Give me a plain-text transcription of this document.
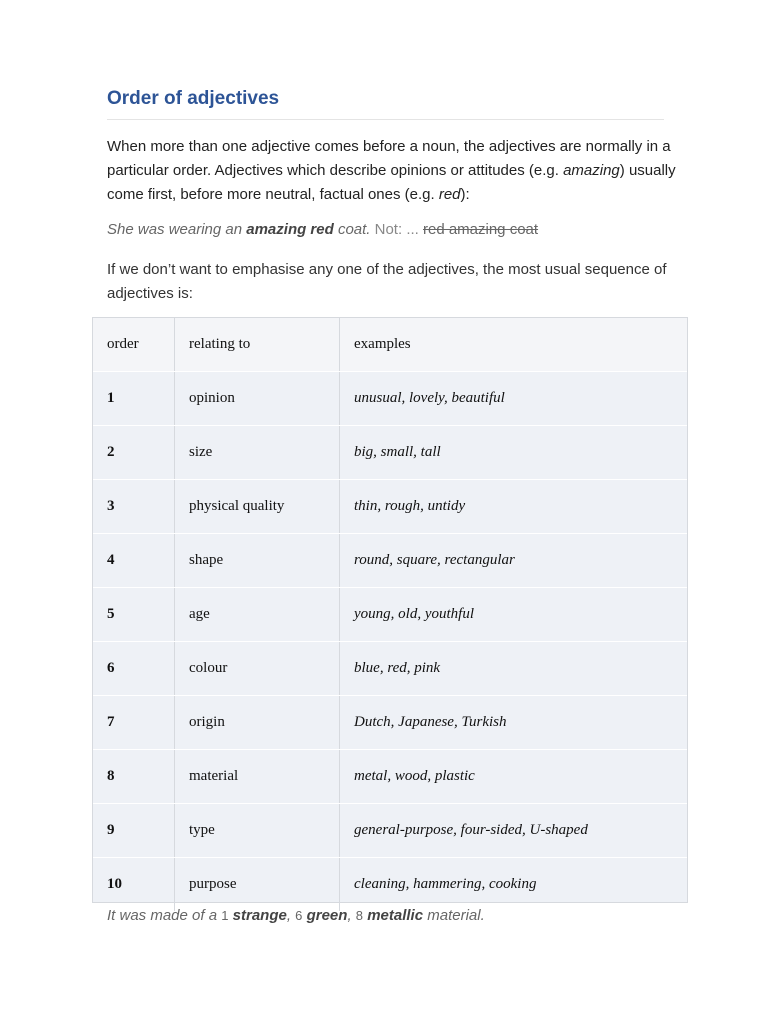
Order of adjectives

When more than one adjective comes before a noun, the adjectives are normally in a particular order. Adjectives which describe opinions or attitudes (e.g. amazing) usually come first, before more neutral, factual ones (e.g. red):

She was wearing an amazing red coat. Not: ... red amazing coat

If we don’t want to emphasise any one of the adjectives, the most usual sequence of adjectives is:

order	relating to	examples
1	opinion	unusual, lovely, beautiful
2	size	big, small, tall
3	physical quality	thin, rough, untidy
4	shape	round, square, rectangular
5	age	young, old, youthful
6	colour	blue, red, pink
7	origin	Dutch, Japanese, Turkish
8	material	metal, wood, plastic
9	type	general-purpose, four-sided, U-shaped
10	purpose	cleaning, hammering, cooking
It was made of a 1 strange, 6 green, 8 metallic material.
